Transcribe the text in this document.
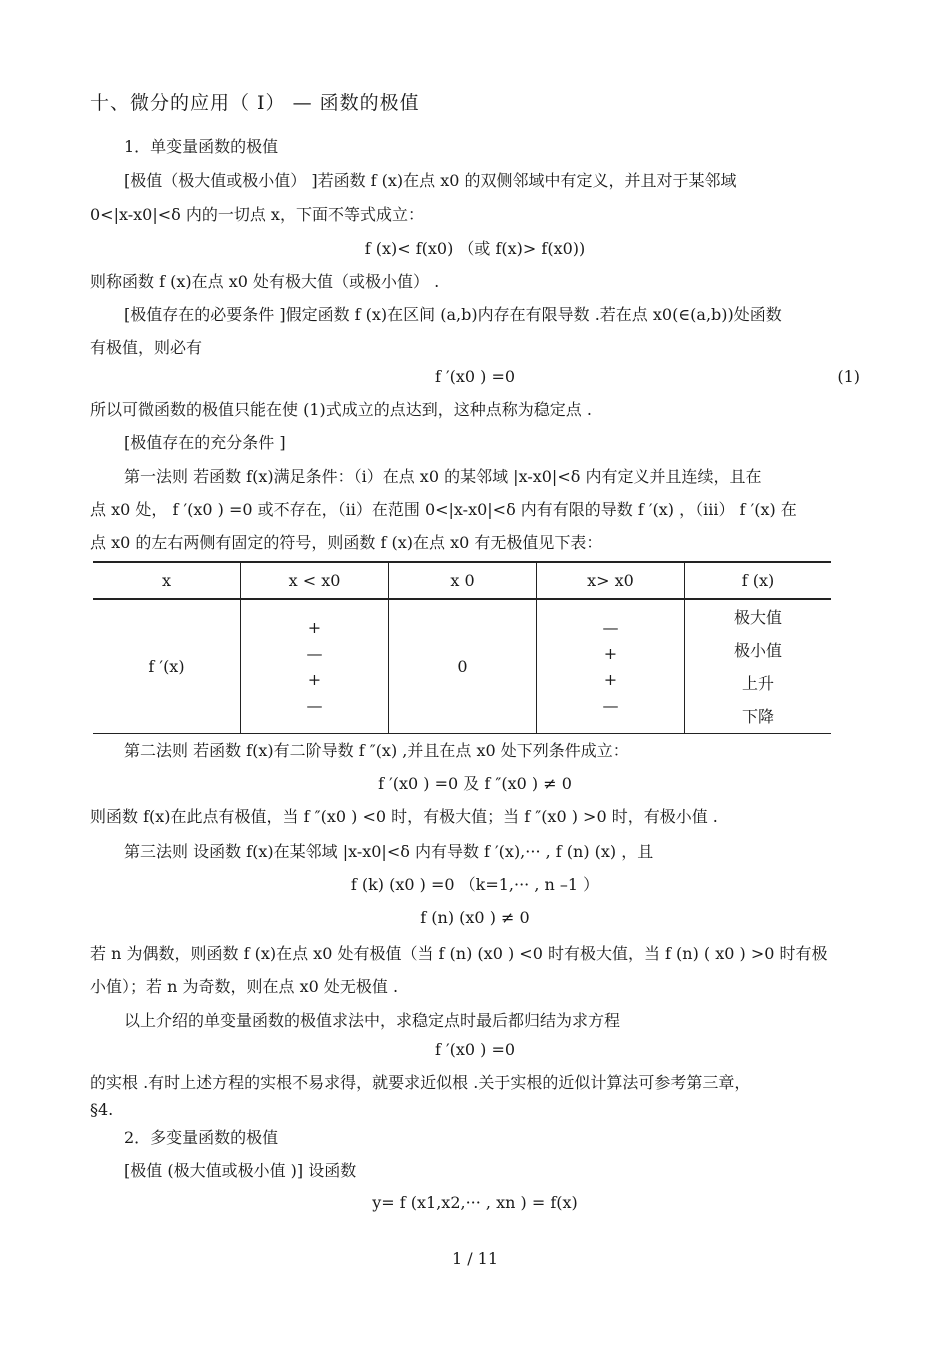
十、微分的应用（ I） — 函数的极值
1．单变量函数的极值
[极值（极大值或极小值） ]若函数 f (x)在点 x0 的双侧邻域中有定义，并且对于某邻域
0<|x-x0|<δ 内的一切点 x，下面不等式成立：
f (x)< f(x0) （或 f(x)> f(x0))
则称函数 f (x)在点 x0 处有极大值（或极小值） .
[极值存在的必要条件 ]假定函数 f (x)在区间 (a,b)内存在有限导数 .若在点 x0(∈(a,b))处函数
有极值，则必有
f ′(x0 ) =0	(1)
所以可微函数的极值只能在使 (1)式成立的点达到，这种点称为稳定点 .
[极值存在的充分条件 ]
第一法则 若函数 f(x)满足条件：（i）在点 x0 的某邻域 |x-x0|<δ 内有定义并且连续，且在
点 x0 处， f ′(x0 ) =0 或不存在，（ii）在范围 0<|x-x0|<δ 内有有限的导数 f ′(x) ，（iii） f ′(x) 在
点 x0 的左右两侧有固定的符号，则函数 f (x)在点 x0 有无极值见下表：
x	x < x0	x 0	x> x0	f (x)
f ′(x)	+
—
+
—	0	—
+
+
—	极大值
极小值
上升
下降
第二法则 若函数 f(x)有二阶导数 f ″(x) ,并且在点 x0 处下列条件成立：
f ′(x0 ) =0 及 f ″(x0 ) ≠ 0
则函数 f(x)在此点有极值，当 f ″(x0 ) <0 时，有极大值；当 f ″(x0 ) >0 时，有极小值 .
第三法则 设函数 f(x)在某邻域 |x-x0|<δ 内有导数 f ′(x),··· , f (n) (x) ，且
f (k) (x0 ) =0 （k=1,··· , n –1 ）
f (n) (x0 ) ≠ 0
若 n 为偶数，则函数 f (x)在点 x0 处有极值（当 f (n) (x0 ) <0 时有极大值，当 f (n) ( x0 ) >0 时有极
小值）；若 n 为奇数，则在点 x0 处无极值 .
以上介绍的单变量函数的极值求法中，求稳定点时最后都归结为求方程
f ′(x0 ) =0
的实根 .有时上述方程的实根不易求得，就要求近似根 .关于实根的近似计算法可参考第三章，
§4.
2．多变量函数的极值
[极值 (极大值或极小值 )] 设函数
y= f (x1,x2,··· , xn ) = f(x)
1 / 11
